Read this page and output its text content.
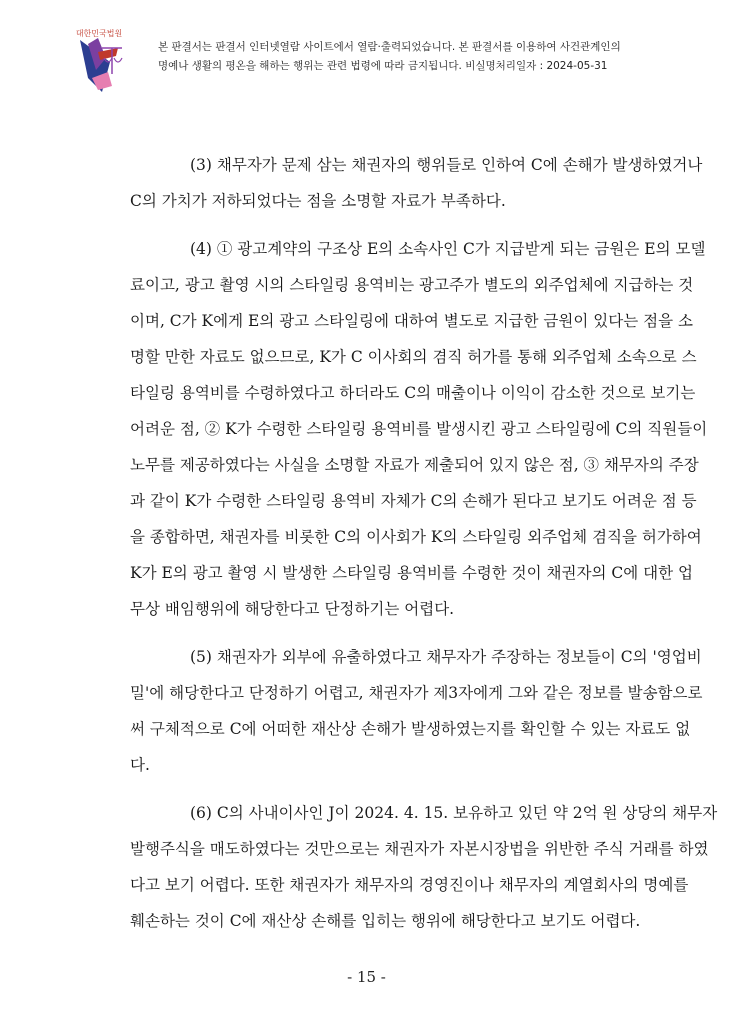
대한민국법원
본 판결서는 판결서 인터넷열람 사이트에서 열람·출력되었습니다. 본 판결서를 이용하여 사건관계인의
명예나 생활의 평온을 해하는 행위는 관련 법령에 따라 금지됩니다. 비실명처리일자 : 2024-05-31
(3) 채무자가 문제 삼는 채권자의 행위들로 인하여 C에 손해가 발생하였거나
C의 가치가 저하되었다는 점을 소명할 자료가 부족하다.
(4) ① 광고계약의 구조상 E의 소속사인 C가 지급받게 되는 금원은 E의 모델
료이고, 광고 촬영 시의 스타일링 용역비는 광고주가 별도의 외주업체에 지급하는 것
이며, C가 K에게 E의 광고 스타일링에 대하여 별도로 지급한 금원이 있다는 점을 소
명할 만한 자료도 없으므로, K가 C 이사회의 겸직 허가를 통해 외주업체 소속으로 스
타일링 용역비를 수령하였다고 하더라도 C의 매출이나 이익이 감소한 것으로 보기는
어려운 점, ② K가 수령한 스타일링 용역비를 발생시킨 광고 스타일링에 C의 직원들이
노무를 제공하였다는 사실을 소명할 자료가 제출되어 있지 않은 점, ③ 채무자의 주장
과 같이 K가 수령한 스타일링 용역비 자체가 C의 손해가 된다고 보기도 어려운 점 등
을 종합하면, 채권자를 비롯한 C의 이사회가 K의 스타일링 외주업체 겸직을 허가하여
K가 E의 광고 촬영 시 발생한 스타일링 용역비를 수령한 것이 채권자의 C에 대한 업
무상 배임행위에 해당한다고 단정하기는 어렵다.
(5) 채권자가 외부에 유출하였다고 채무자가 주장하는 정보들이 C의 '영업비
밀'에 해당한다고 단정하기 어렵고, 채권자가 제3자에게 그와 같은 정보를 발송함으로
써 구체적으로 C에 어떠한 재산상 손해가 발생하였는지를 확인할 수 있는 자료도 없
다.
(6) C의 사내이사인 J이 2024. 4. 15. 보유하고 있던 약 2억 원 상당의 채무자
발행주식을 매도하였다는 것만으로는 채권자가 자본시장법을 위반한 주식 거래를 하였
다고 보기 어렵다. 또한 채권자가 채무자의 경영진이나 채무자의 계열회사의 명예를
훼손하는 것이 C에 재산상 손해를 입히는 행위에 해당한다고 보기도 어렵다.
- 15 -
